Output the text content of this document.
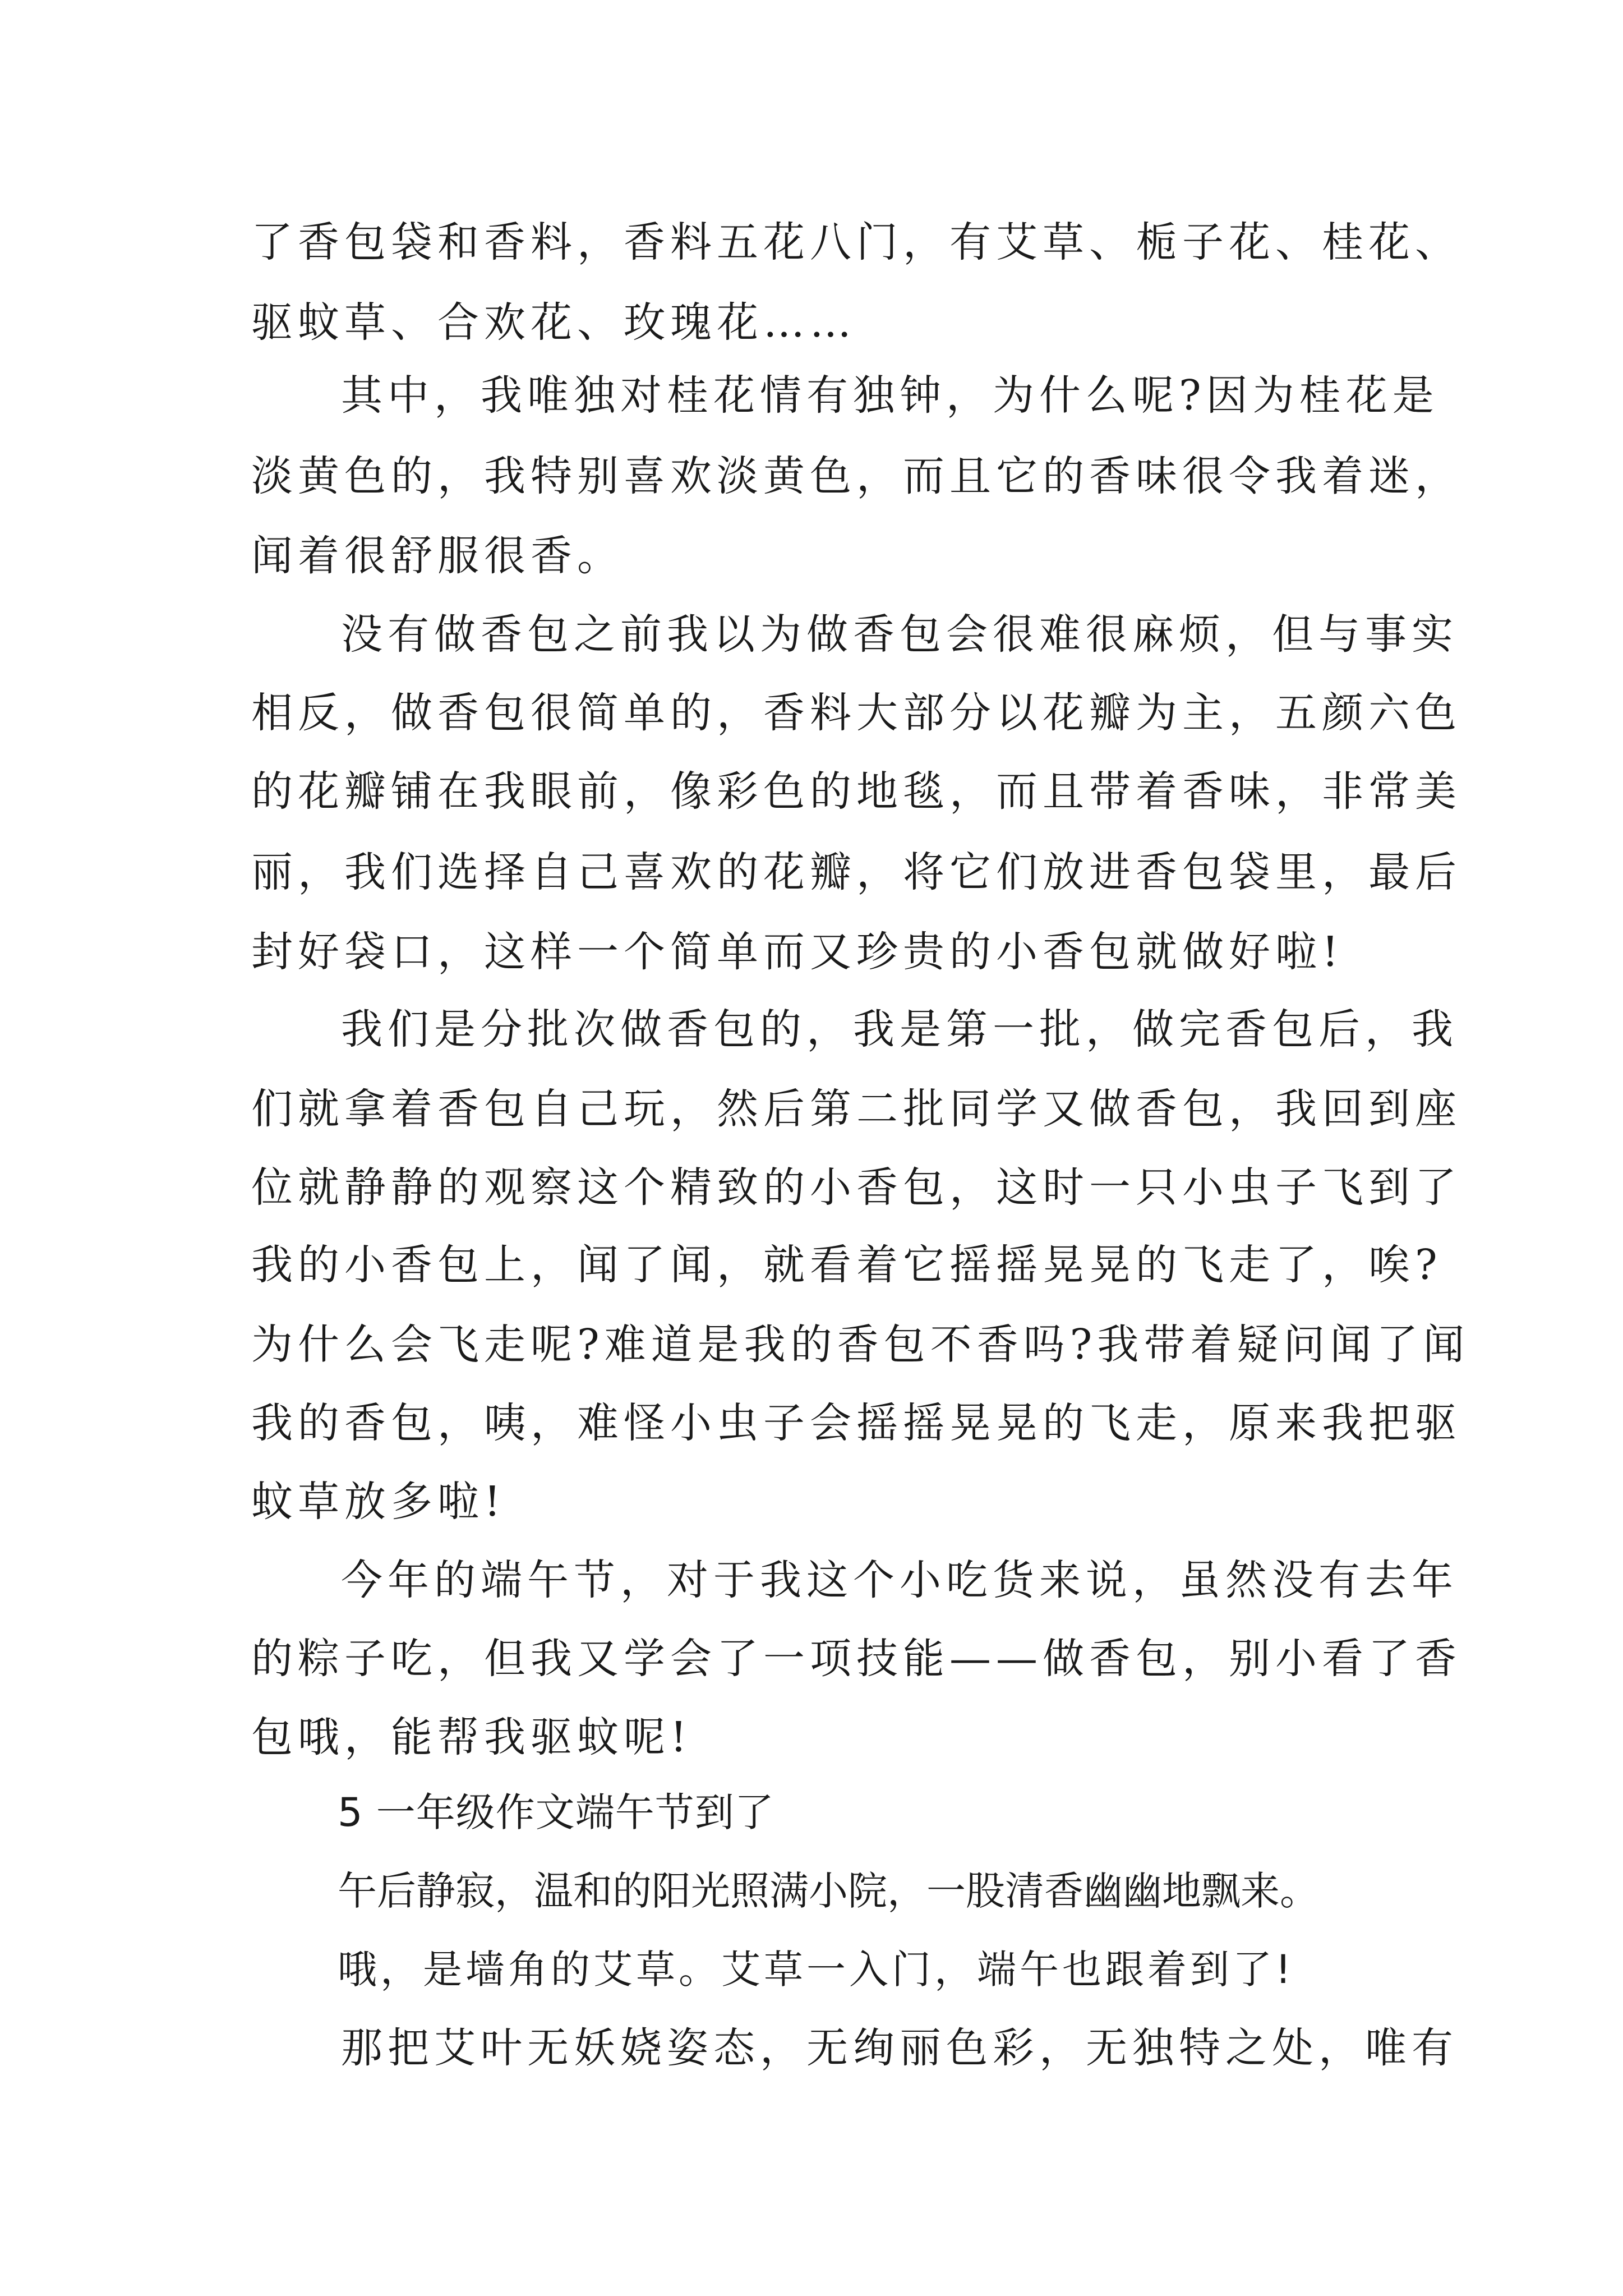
了香包袋和香料，香料五花八门，有艾草、栀子花、桂花、

驱蚊草、合欢花、玫瑰花……

其中，我唯独对桂花情有独钟，为什么呢?因为桂花是

淡黄色的，我特别喜欢淡黄色，而且它的香味很令我着迷，

闻着很舒服很香。

没有做香包之前我以为做香包会很难很麻烦，但与事实

相反，做香包很简单的，香料大部分以花瓣为主，五颜六色

的花瓣铺在我眼前，像彩色的地毯，而且带着香味，非常美

丽，我们选择自己喜欢的花瓣，将它们放进香包袋里，最后

封好袋口，这样一个简单而又珍贵的小香包就做好啦!

我们是分批次做香包的，我是第一批，做完香包后，我

们就拿着香包自己玩，然后第二批同学又做香包，我回到座

位就静静的观察这个精致的小香包，这时一只小虫子飞到了

我的小香包上，闻了闻，就看着它摇摇晃晃的飞走了，唉?

为什么会飞走呢?难道是我的香包不香吗?我带着疑问闻了闻

我的香包，咦，难怪小虫子会摇摇晃晃的飞走，原来我把驱

蚊草放多啦!

今年的端午节，对于我这个小吃货来说，虽然没有去年

的粽子吃，但我又学会了一项技能——做香包，别小看了香

包哦，能帮我驱蚊呢!

5 一年级作文端午节到了

午后静寂，温和的阳光照满小院，一股清香幽幽地飘来。

哦，是墙角的艾草。艾草一入门，端午也跟着到了!

那把艾叶无妖娆姿态，无绚丽色彩，无独特之处，唯有
